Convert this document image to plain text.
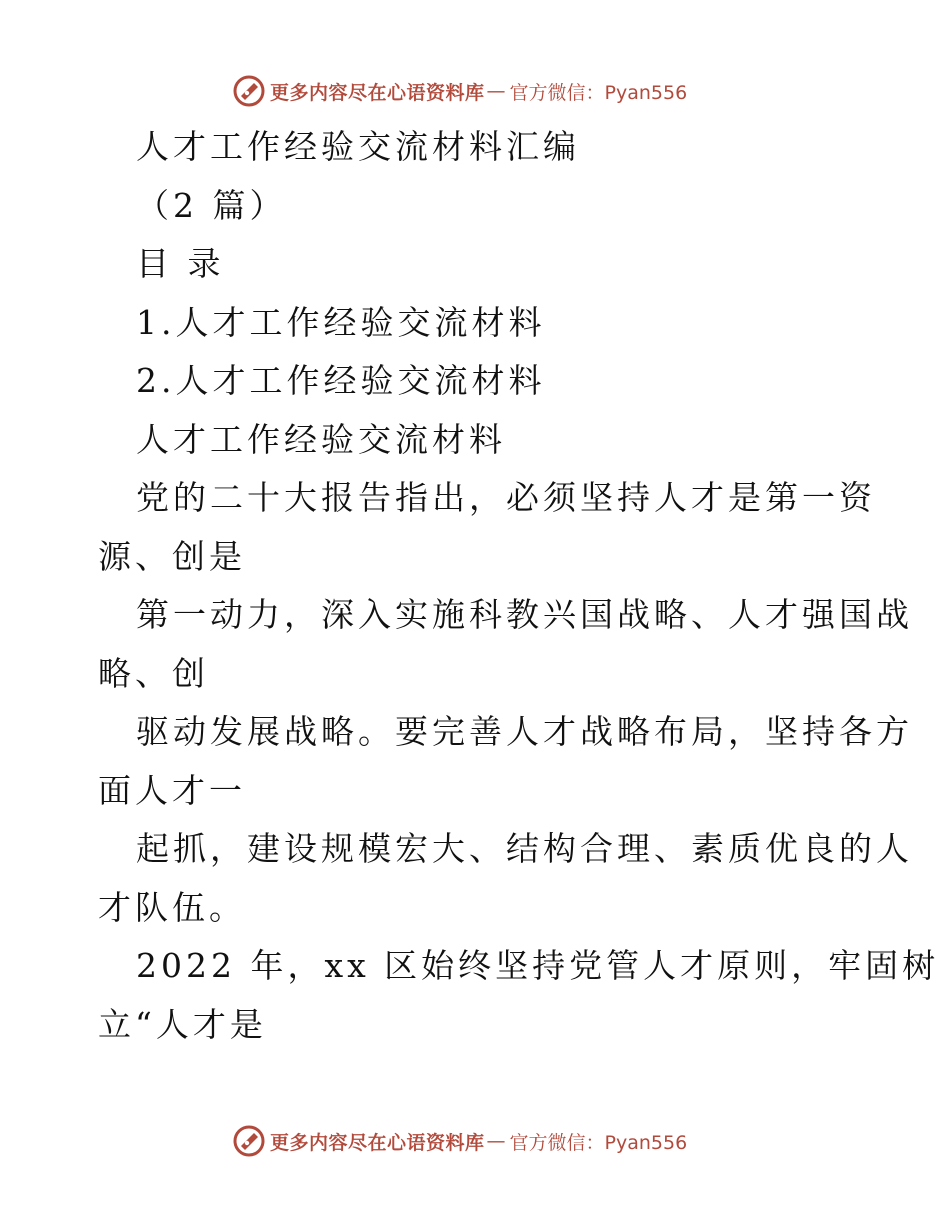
更多内容尽在心语资料库 — 官方微信：Pyan556
人才工作经验交流材料汇编
（2 篇）
目 录
1.人才工作经验交流材料
2.人才工作经验交流材料
人才工作经验交流材料
党的二十大报告指出，必须坚持人才是第一资
源、创是
第一动力，深入实施科教兴国战略、人才强国战
略、创
驱动发展战略。要完善人才战略布局，坚持各方
面人才一
起抓，建设规模宏大、结构合理、素质优良的人
才队伍。
2022 年，xx 区始终坚持党管人才原则，牢固树
立“人才是
更多内容尽在心语资料库 — 官方微信：Pyan556
